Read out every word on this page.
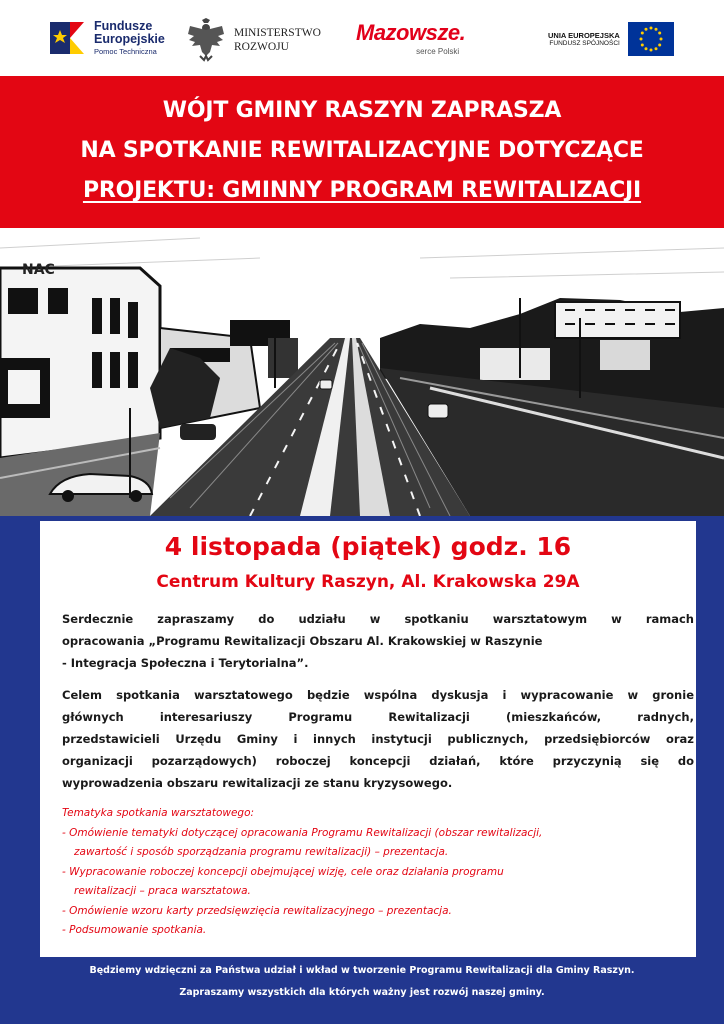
Fundusze
Europejskie
Pomoc Techniczna
MINISTERSTWO
ROZWOJU
Mazowsze.
serce Polski
UNIA EUROPEJSKA
FUNDUSZ SPÓJNOŚCI
WÓJT GMINY RASZYN ZAPRASZA
NA SPOTKANIE REWITALIZACYJNE DOTYCZĄCE
PROJEKTU: GMINNY PROGRAM REWITALIZACJI
NAC
4 listopada (piątek) godz. 16
Centrum Kultury Raszyn, Al. Krakowska 29A

Serdecznie zapraszamy do udziału w spotkaniu warsztatowym w ramach
opracowania „Programu Rewitalizacji Obszaru Al. Krakowskiej w Raszynie
- Integracja Społeczna i Terytorialna”.

Celem spotkania warsztatowego będzie wspólna dyskusja i wypracowanie w gronie
głównych interesariuszy Programu Rewitalizacji (mieszkańców, radnych,
przedstawicieli Urzędu Gminy i innych instytucji publicznych, przedsiębiorców oraz
organizacji pozarządowych) roboczej koncepcji działań, które przyczynią się do
wyprowadzenia obszaru rewitalizacji ze stanu kryzysowego.

Tematyka spotkania warsztatowego:
- Omówienie tematyki dotyczącej opracowania Programu Rewitalizacji (obszar rewitalizacji,
zawartość i sposób sporządzania programu rewitalizacji) – prezentacja.
- Wypracowanie roboczej koncepcji obejmującej wizję, cele oraz działania programu
rewitalizacji – praca warsztatowa.
- Omówienie wzoru karty przedsięwzięcia rewitalizacyjnego – prezentacja.
- Podsumowanie spotkania.

Będziemy wdzięczni za Państwa udział i wkład w tworzenie Programu Rewitalizacji dla Gminy Raszyn.

Zapraszamy wszystkich dla których ważny jest rozwój naszej gminy.
